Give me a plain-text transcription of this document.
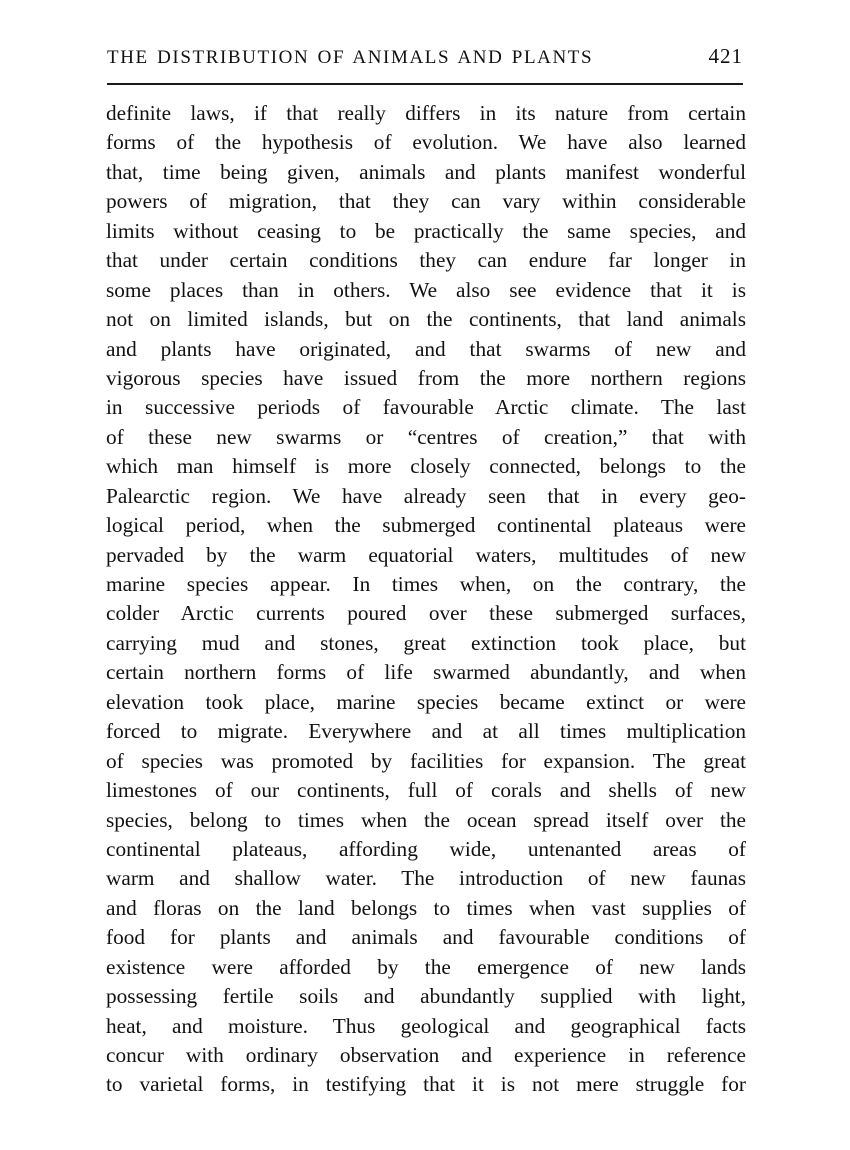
THE DISTRIBUTION OF ANIMALS AND PLANTS	421
definite laws, if that really differs in its nature from certain
forms of the hypothesis of evolution. We have also learned
that, time being given, animals and plants manifest wonderful
powers of migration, that they can vary within considerable
limits without ceasing to be practically the same species, and
that under certain conditions they can endure far longer in
some places than in others. We also see evidence that it is
not on limited islands, but on the continents, that land animals
and plants have originated, and that swarms of new and
vigorous species have issued from the more northern regions
in successive periods of favourable Arctic climate. The last
of these new swarms or “centres of creation,” that with
which man himself is more closely connected, belongs to the
Palearctic region. We have already seen that in every geo-
logical period, when the submerged continental plateaus were
pervaded by the warm equatorial waters, multitudes of new
marine species appear. In times when, on the contrary, the
colder Arctic currents poured over these submerged surfaces,
carrying mud and stones, great extinction took place, but
certain northern forms of life swarmed abundantly, and when
elevation took place, marine species became extinct or were
forced to migrate. Everywhere and at all times multiplication
of species was promoted by facilities for expansion. The great
limestones of our continents, full of corals and shells of new
species, belong to times when the ocean spread itself over the
continental plateaus, affording wide, untenanted areas of
warm and shallow water. The introduction of new faunas
and floras on the land belongs to times when vast supplies of
food for plants and animals and favourable conditions of
existence were afforded by the emergence of new lands
possessing fertile soils and abundantly supplied with light,
heat, and moisture. Thus geological and geographical facts
concur with ordinary observation and experience in reference
to varietal forms, in testifying that it is not mere struggle for
